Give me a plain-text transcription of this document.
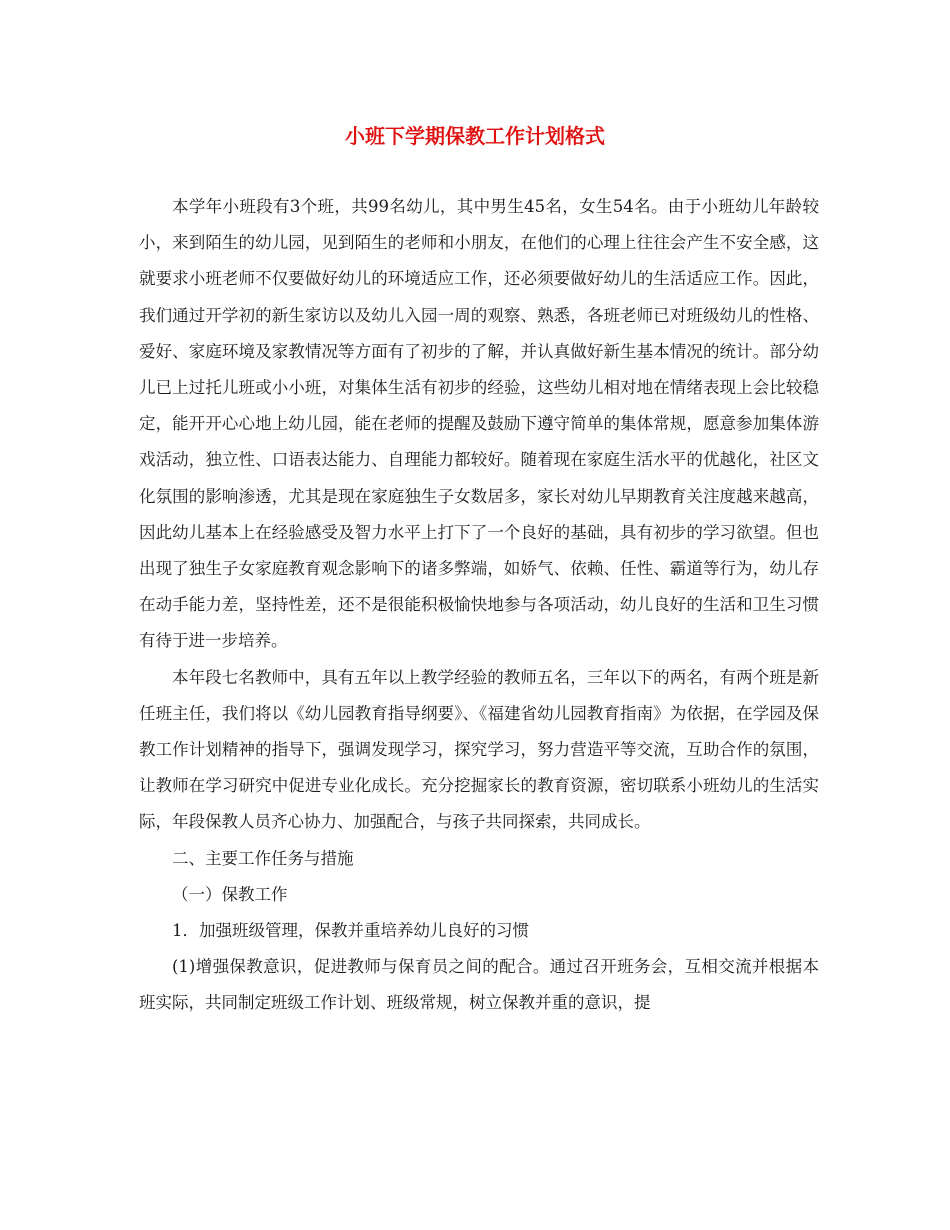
小班下学期保教工作计划格式

本学年小班段有3个班，共99名幼儿，其中男生45名，女生54名。由于小班幼儿年龄较小，来到陌生的幼儿园，见到陌生的老师和小朋友，在他们的心理上往往会产生不安全感，这就要求小班老师不仅要做好幼儿的环境适应工作，还必须要做好幼儿的生活适应工作。因此，我们通过开学初的新生家访以及幼儿入园一周的观察、熟悉，各班老师已对班级幼儿的性格、爱好、家庭环境及家教情况等方面有了初步的了解，并认真做好新生基本情况的统计。部分幼儿已上过托儿班或小小班，对集体生活有初步的经验，这些幼儿相对地在情绪表现上会比较稳定，能开开心心地上幼儿园，能在老师的提醒及鼓励下遵守简单的集体常规，愿意参加集体游戏活动，独立性、口语表达能力、自理能力都较好。随着现在家庭生活水平的优越化，社区文化氛围的影响渗透，尤其是现在家庭独生子女数居多，家长对幼儿早期教育关注度越来越高，因此幼儿基本上在经验感受及智力水平上打下了一个良好的基础，具有初步的学习欲望。但也出现了独生子女家庭教育观念影响下的诸多弊端，如娇气、依赖、任性、霸道等行为，幼儿存在动手能力差，坚持性差，还不是很能积极愉快地参与各项活动，幼儿良好的生活和卫生习惯有待于进一步培养。

本年段七名教师中，具有五年以上教学经验的教师五名，三年以下的两名，有两个班是新任班主任，我们将以《幼儿园教育指导纲要》、《福建省幼儿园教育指南》为依据，在学园及保教工作计划精神的指导下，强调发现学习，探究学习，努力营造平等交流，互助合作的氛围，让教师在学习研究中促进专业化成长。充分挖掘家长的教育资源，密切联系小班幼儿的生活实际，年段保教人员齐心协力、加强配合，与孩子共同探索，共同成长。

二、主要工作任务与措施

（一）保教工作

1．加强班级管理，保教并重培养幼儿良好的习惯

(1)增强保教意识，促进教师与保育员之间的配合。通过召开班务会，互相交流并根据本班实际，共同制定班级工作计划、班级常规，树立保教并重的意识，提
